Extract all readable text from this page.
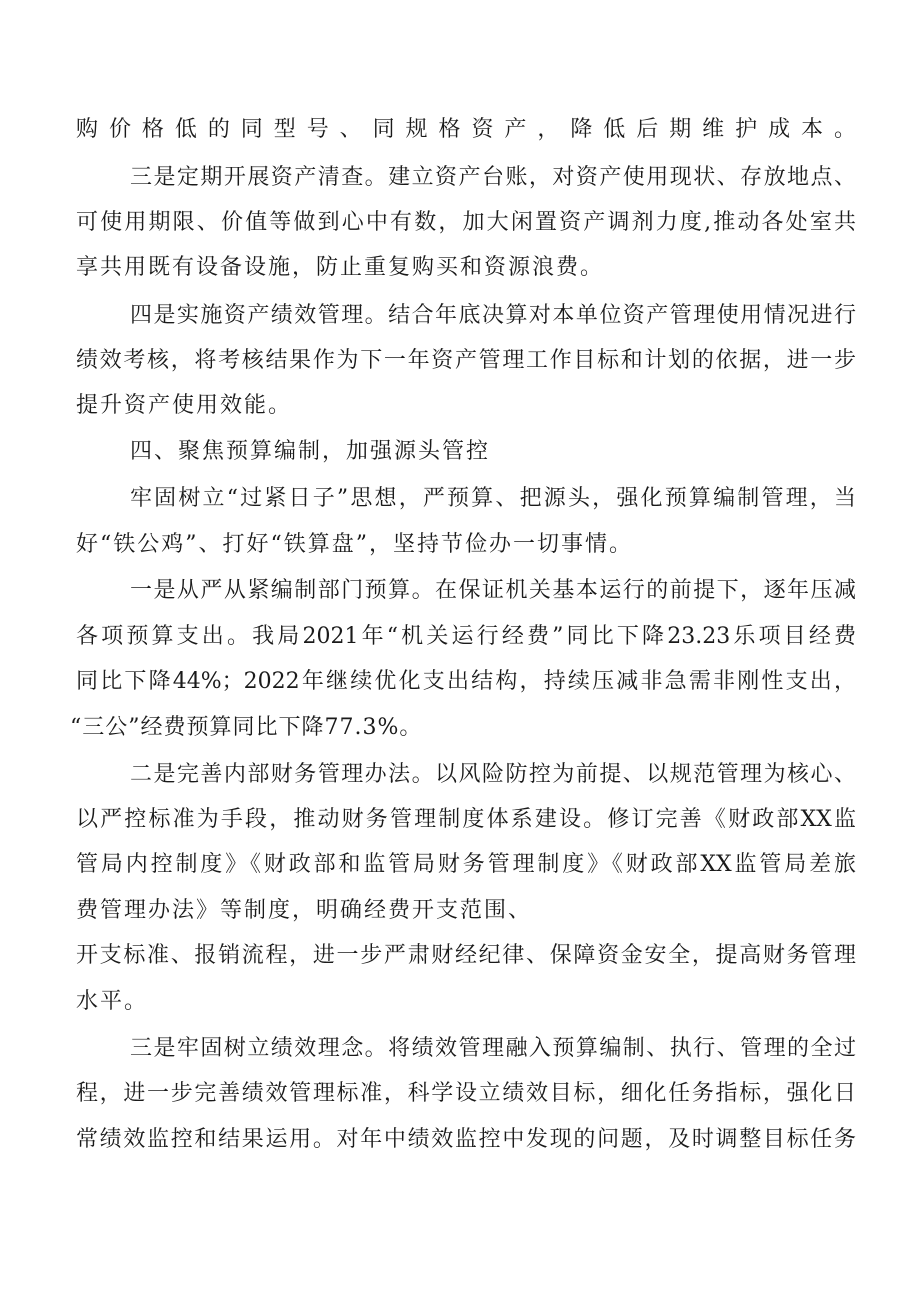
购价格低的同型号、同规格资产，降低后期维护成本。
三是定期开展资产清查。建立资产台账，对资产使用现状、存放地点、
可使用期限、价值等做到心中有数，加大闲置资产调剂力度,推动各处室共
享共用既有设备设施，防止重复购买和资源浪费。
四是实施资产绩效管理。结合年底决算对本单位资产管理使用情况进行
绩效考核，将考核结果作为下一年资产管理工作目标和计划的依据，进一步
提升资产使用效能。
四、聚焦预算编制，加强源头管控
牢固树立“过紧日子”思想，严预算、把源头，强化预算编制管理，当
好“铁公鸡”、打好“铁算盘”，坚持节俭办一切事情。
一是从严从紧编制部门预算。在保证机关基本运行的前提下，逐年压减
各项预算支出。我局2021年“机关运行经费”同比下降23.23乐项目经费
同比下降44%；2022年继续优化支出结构，持续压减非急需非刚性支出，
“三公”经费预算同比下降77.3%。
二是完善内部财务管理办法。以风险防控为前提、以规范管理为核心、
以严控标准为手段，推动财务管理制度体系建设。修订完善《财政部XX监
管局内控制度》《财政部和监管局财务管理制度》《财政部XX监管局差旅
费管理办法》等制度，明确经费开支范围、
开支标准、报销流程，进一步严肃财经纪律、保障资金安全，提高财务管理
水平。
三是牢固树立绩效理念。将绩效管理融入预算编制、执行、管理的全过
程，进一步完善绩效管理标准，科学设立绩效目标，细化任务指标，强化日
常绩效监控和结果运用。对年中绩效监控中发现的问题，及时调整目标任务
